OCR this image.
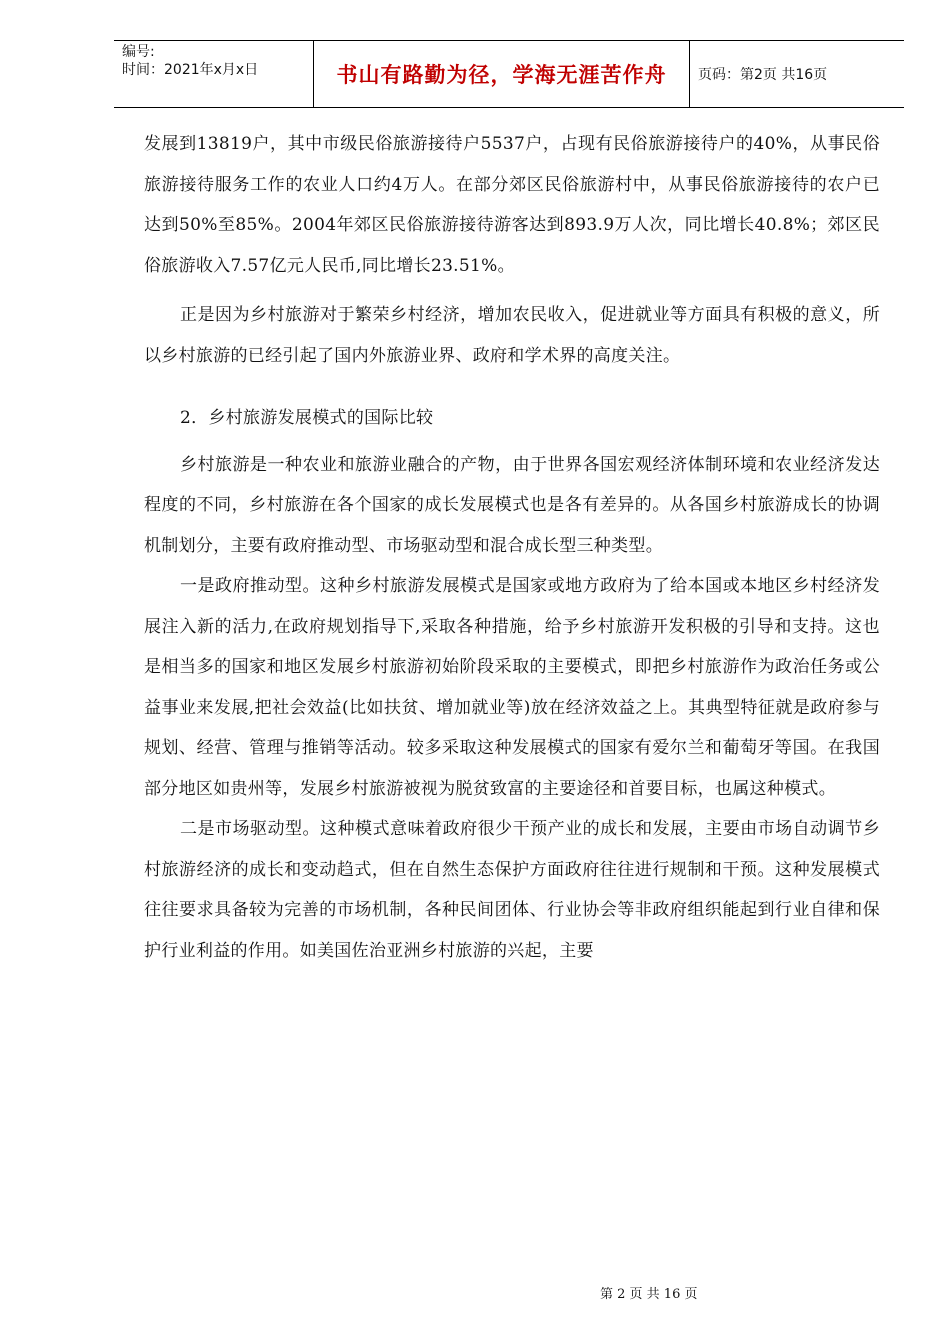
编号:
时间：2021年x月x日	书山有路勤为径，学海无涯苦作舟	页码：第2页 共16页

发展到13819户，其中市级民俗旅游接待户5537户，占现有民俗旅游接待户的40%，从事民俗旅游接待服务工作的农业人口约4万人。在部分郊区民俗旅游村中，从事民俗旅游接待的农户已达到50%至85%。2004年郊区民俗旅游接待游客达到893.9万人次，同比增长40.8%；郊区民俗旅游收入7.57亿元人民币,同比增长23.51%。

正是因为乡村旅游对于繁荣乡村经济，增加农民收入，促进就业等方面具有积极的意义，所以乡村旅游的已经引起了国内外旅游业界、政府和学术界的高度关注。

2．乡村旅游发展模式的国际比较

乡村旅游是一种农业和旅游业融合的产物，由于世界各国宏观经济体制环境和农业经济发达程度的不同，乡村旅游在各个国家的成长发展模式也是各有差异的。从各国乡村旅游成长的协调机制划分，主要有政府推动型、市场驱动型和混合成长型三种类型。

一是政府推动型。这种乡村旅游发展模式是国家或地方政府为了给本国或本地区乡村经济发展注入新的活力,在政府规划指导下,采取各种措施，给予乡村旅游开发积极的引导和支持。这也是相当多的国家和地区发展乡村旅游初始阶段采取的主要模式，即把乡村旅游作为政治任务或公益事业来发展,把社会效益(比如扶贫、增加就业等)放在经济效益之上。其典型特征就是政府参与规划、经营、管理与推销等活动。较多采取这种发展模式的国家有爱尔兰和葡萄牙等国。在我国部分地区如贵州等，发展乡村旅游被视为脱贫致富的主要途径和首要目标，也属这种模式。

二是市场驱动型。这种模式意味着政府很少干预产业的成长和发展，主要由市场自动调节乡村旅游经济的成长和变动趋式，但在自然生态保护方面政府往往进行规制和干预。这种发展模式往往要求具备较为完善的市场机制，各种民间团体、行业协会等非政府组织能起到行业自律和保护行业利益的作用。如美国佐治亚洲乡村旅游的兴起，主要

第 2 页 共 16 页
